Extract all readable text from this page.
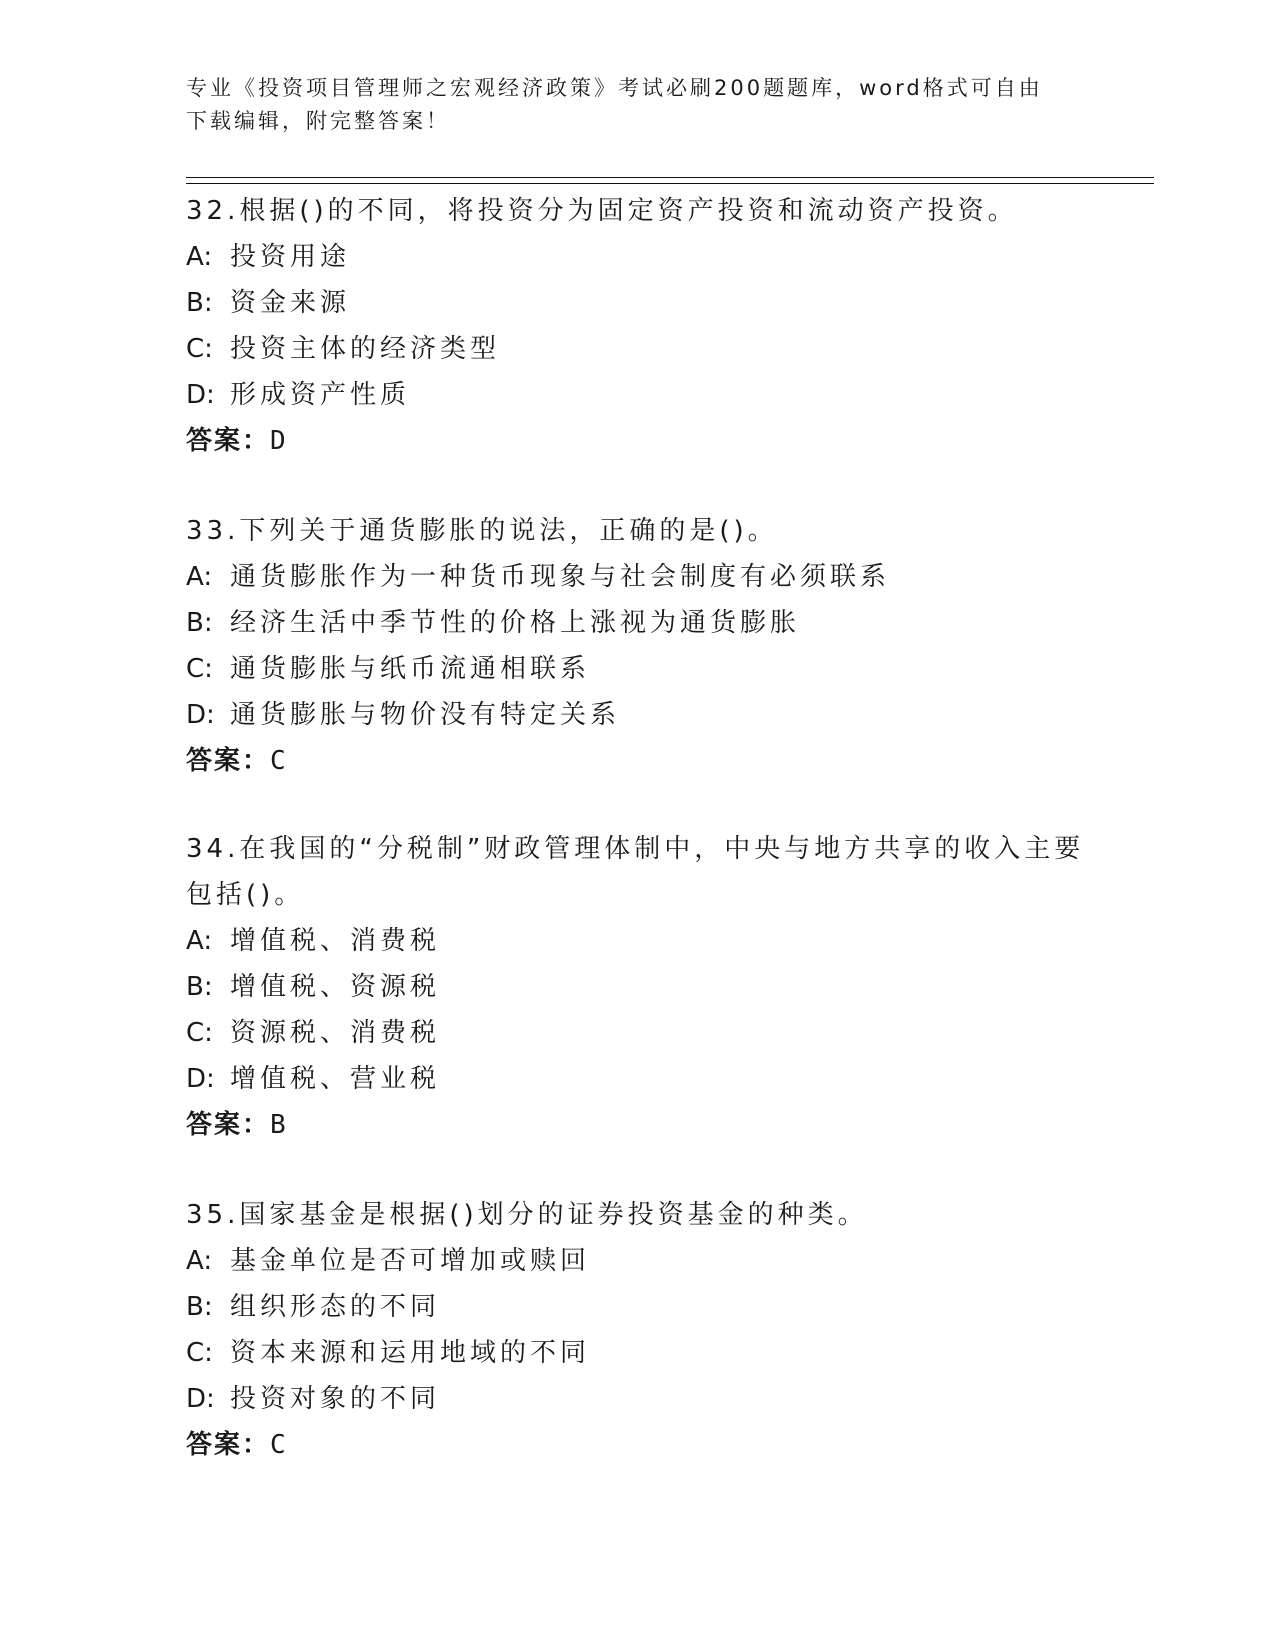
专业《投资项目管理师之宏观经济政策》考试必刷200题题库，word格式可自由
下载编辑，附完整答案！
32.根据()的不同，将投资分为固定资产投资和流动资产投资。
A: 投资用途
B: 资金来源
C: 投资主体的经济类型
D: 形成资产性质
答案：D
33.下列关于通货膨胀的说法，正确的是()。
A: 通货膨胀作为一种货币现象与社会制度有必须联系
B: 经济生活中季节性的价格上涨视为通货膨胀
C: 通货膨胀与纸币流通相联系
D: 通货膨胀与物价没有特定关系
答案：C
34.在我国的“分税制”财政管理体制中，中央与地方共享的收入主要
包括()。
A: 增值税、消费税
B: 增值税、资源税
C: 资源税、消费税
D: 增值税、营业税
答案：B
35.国家基金是根据()划分的证券投资基金的种类。
A: 基金单位是否可增加或赎回
B: 组织形态的不同
C: 资本来源和运用地域的不同
D: 投资对象的不同
答案：C
